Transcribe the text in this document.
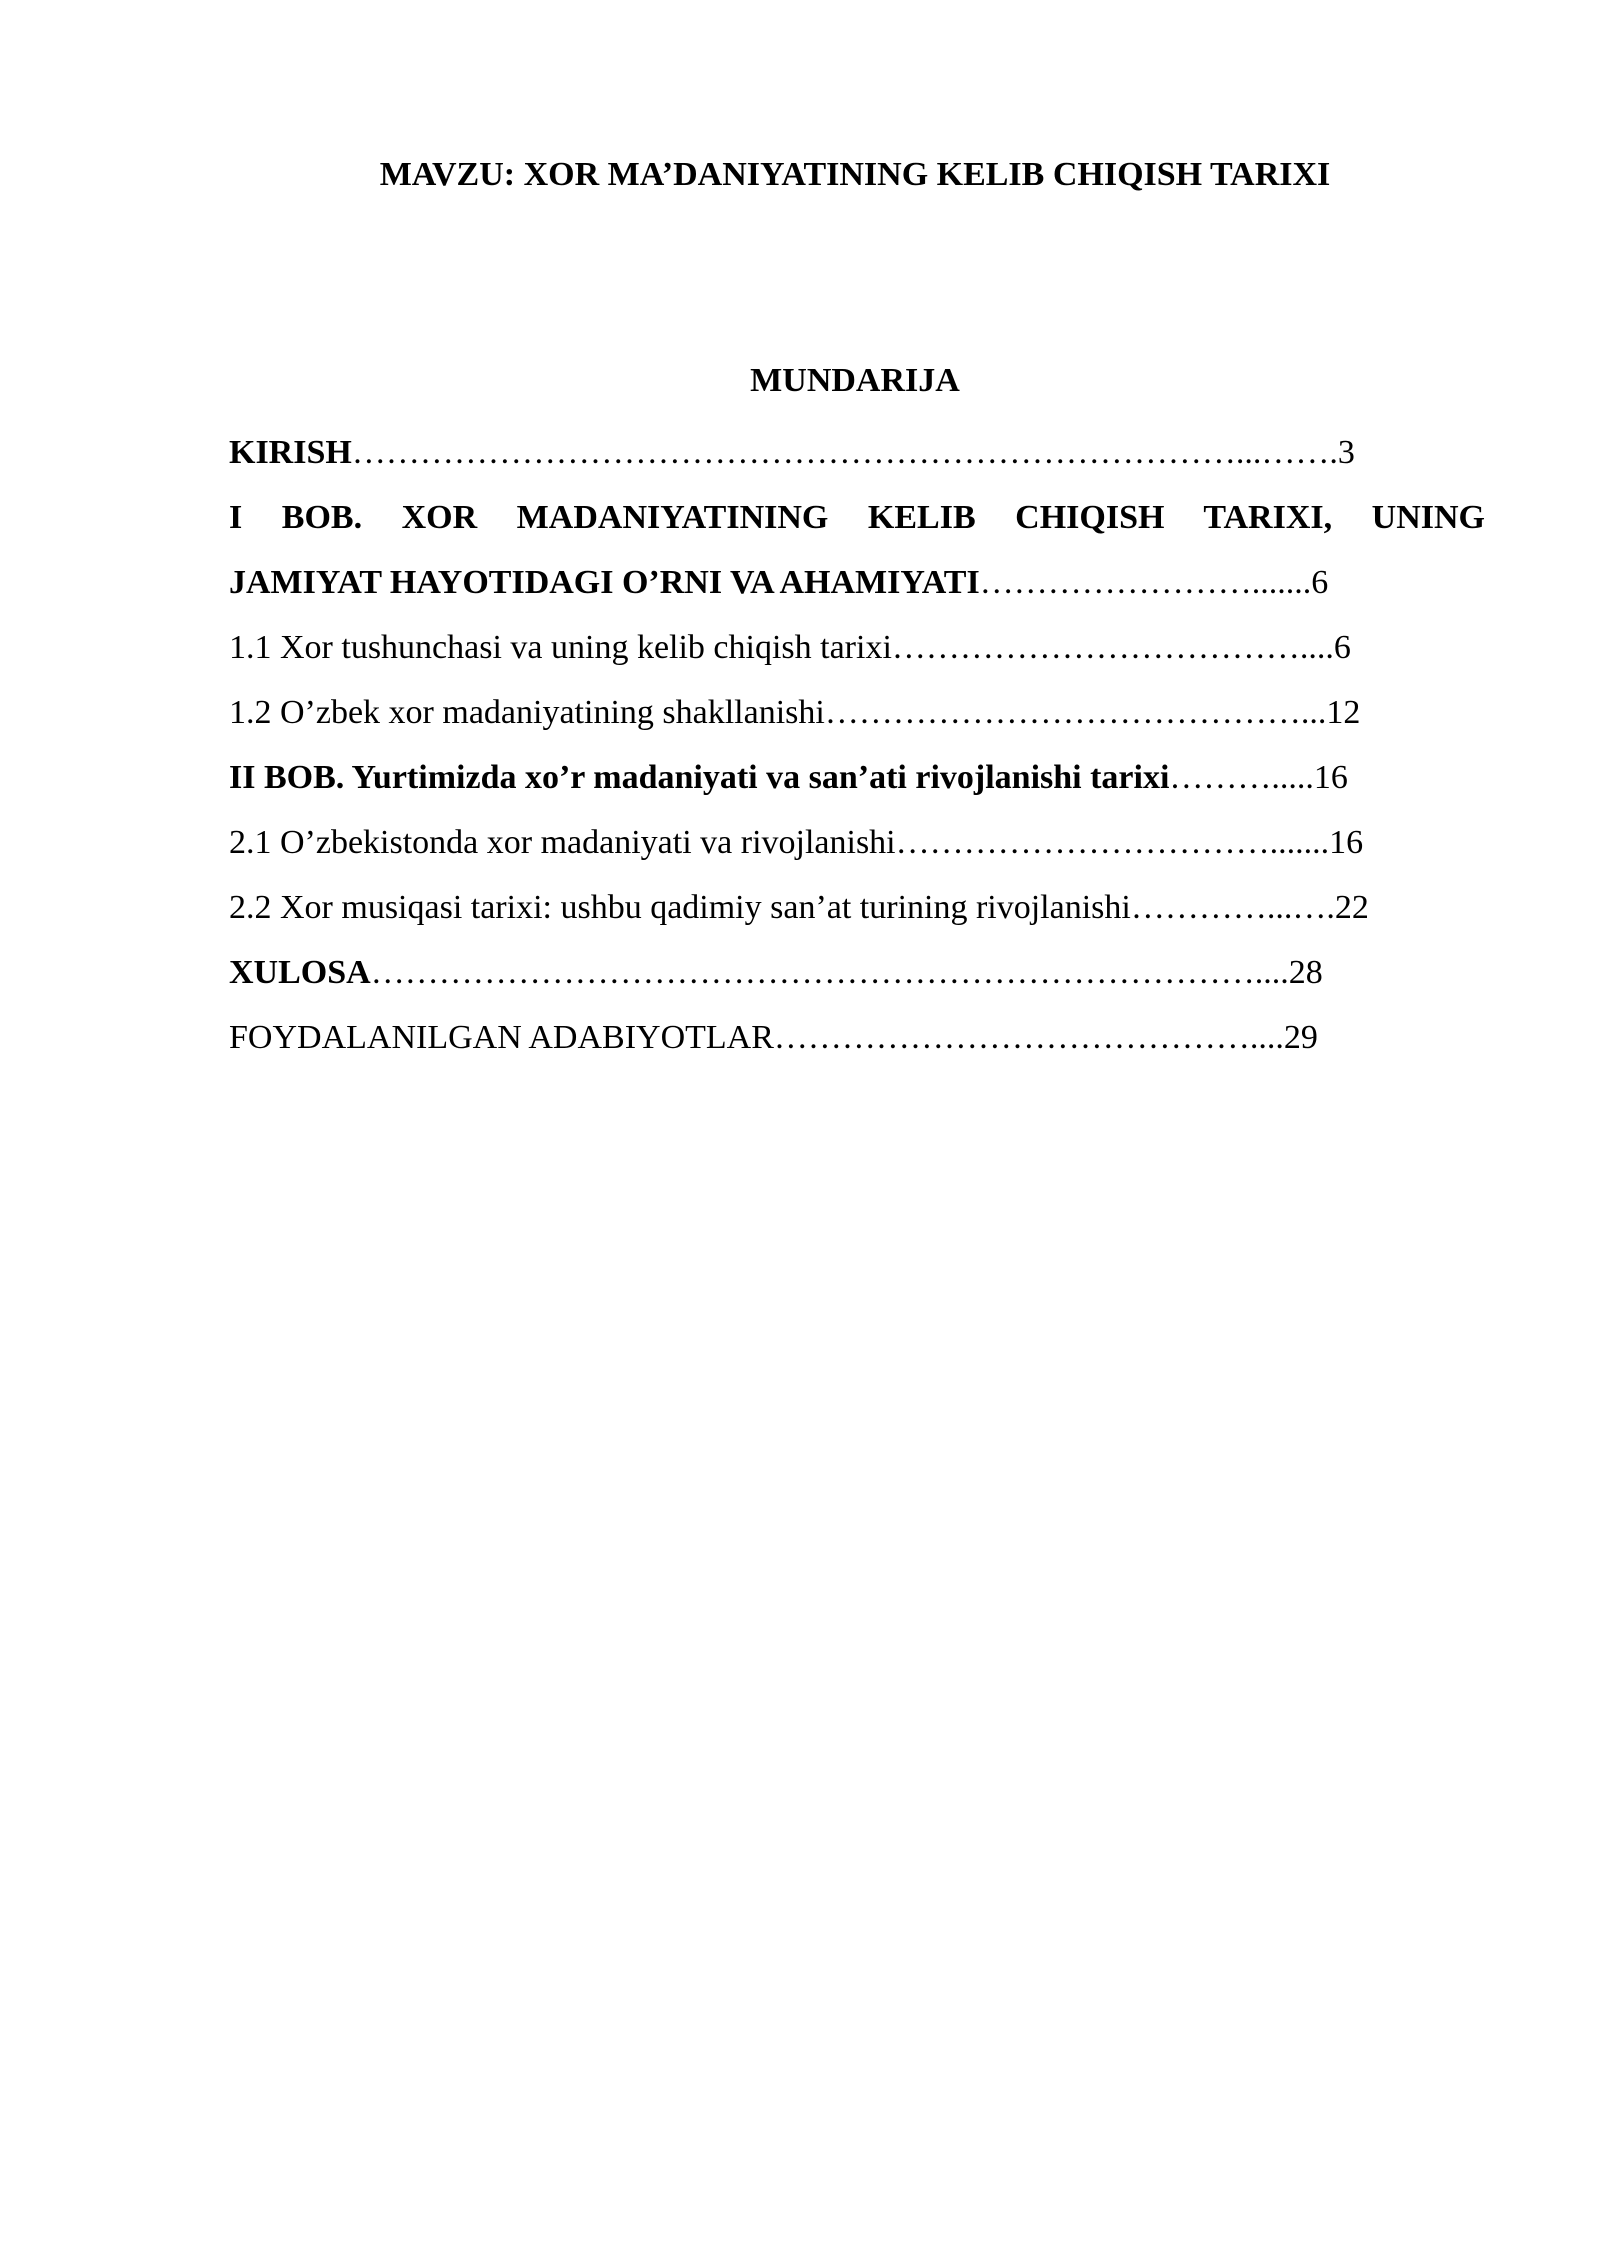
MAVZU: XOR MA’DANIYATINING KELIB CHIQISH TARIXI
MUNDARIJA
KIRISH……………………………………………………………………...…….3
I BOB. XOR MADANIYATINING KELIB CHIQISH TARIXI, UNING
JAMIYAT HAYOTIDAGI O’RNI VA AHAMIYATI…………………….......6
1.1 Xor tushunchasi va uning kelib chiqish tarixi………………………………....6
1.2 O’zbek xor madaniyatining shakllanishi……………………………………...12
II BOB. Yurtimizda xo’r madaniyati va san’ati rivojlanishi tarixi……….....16
2.1 O’zbekistonda xor madaniyati va rivojlanishi…………………………….......16
2.2 Xor musiqasi tarixi: ushbu qadimiy san’at turining rivojlanishi…………...….22
XULOSA……………………………………………………………………....28
FOYDALANILGAN ADABIYOTLAR……………………………………....29
